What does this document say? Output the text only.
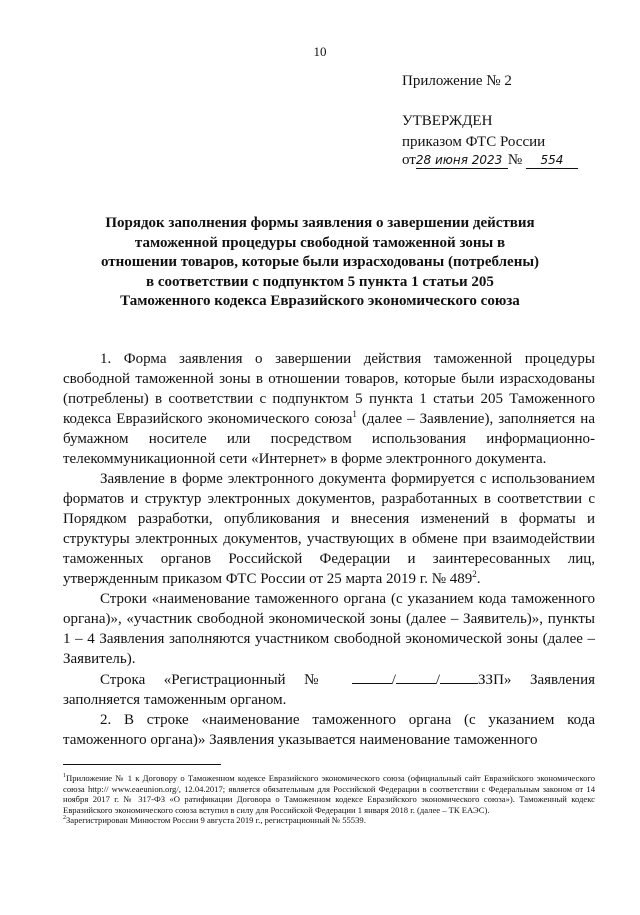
10
Приложение № 2
УТВЕРЖДЕН
приказом ФТС России
от28 июня 2023 № 554
Порядок заполнения формы заявления о завершении действия таможенной процедуры свободной таможенной зоны в отношении товаров, которые были израсходованы (потреблены) в соответствии с подпунктом 5 пункта 1 статьи 205 Таможенного кодекса Евразийского экономического союза

1. Форма заявления о завершении действия таможенной процедуры свободной таможенной зоны в отношении товаров, которые были израсходованы (потреблены) в соответствии с подпунктом 5 пункта 1 статьи 205 Таможенного кодекса Евразийского экономического союза$^1$ (далее – Заявление), заполняется на бумажном носителе или посредством использования информационно-телекоммуникационной сети «Интернет» в форме электронного документа.

Заявление в форме электронного документа формируется с использованием форматов и структур электронных документов, разработанных в соответствии с Порядком разработки, опубликования и внесения изменений в форматы и структуры электронных документов, участвующих в обмене при взаимодействии таможенных органов Российской Федерации и заинтересованных лиц, утвержденным приказом ФТС России от 25 марта 2019 г. № $489^2$.

Строки «наименование таможенного органа (с указанием кода таможенного органа)», «участник свободной экономической зоны (далее – Заявитель)», пункты 1 – 4 Заявления заполняются участником свободной экономической зоны (далее – Заявитель).

Строка «Регистрационный №	/	/	ЗЗП» Заявления заполняется таможенным органом.

2. В строке «наименование таможенного органа (с указанием кода таможенного органа)» Заявления указывается наименование таможенного

$^1$Приложение № 1 к Договору о Таможенном кодексе Евразийского экономического союза (официальный сайт Евразийского экономического союза http:// www.eaeunion.org/, 12.04.2017; является обязательным для Российской Федерации в соответствии с Федеральным законом от 14 ноября 2017 г. № 317-ФЗ «О ратификации Договора о Таможенном кодексе Евразийского экономического союза»). Таможенный кодекс Евразийского экономического союза вступил в силу для Российской Федерации 1 января 2018 г. (далее – ТК ЕАЭС).

$^2$Зарегистрирован Минюстом России 9 августа 2019 г., регистрационный № 55539.
